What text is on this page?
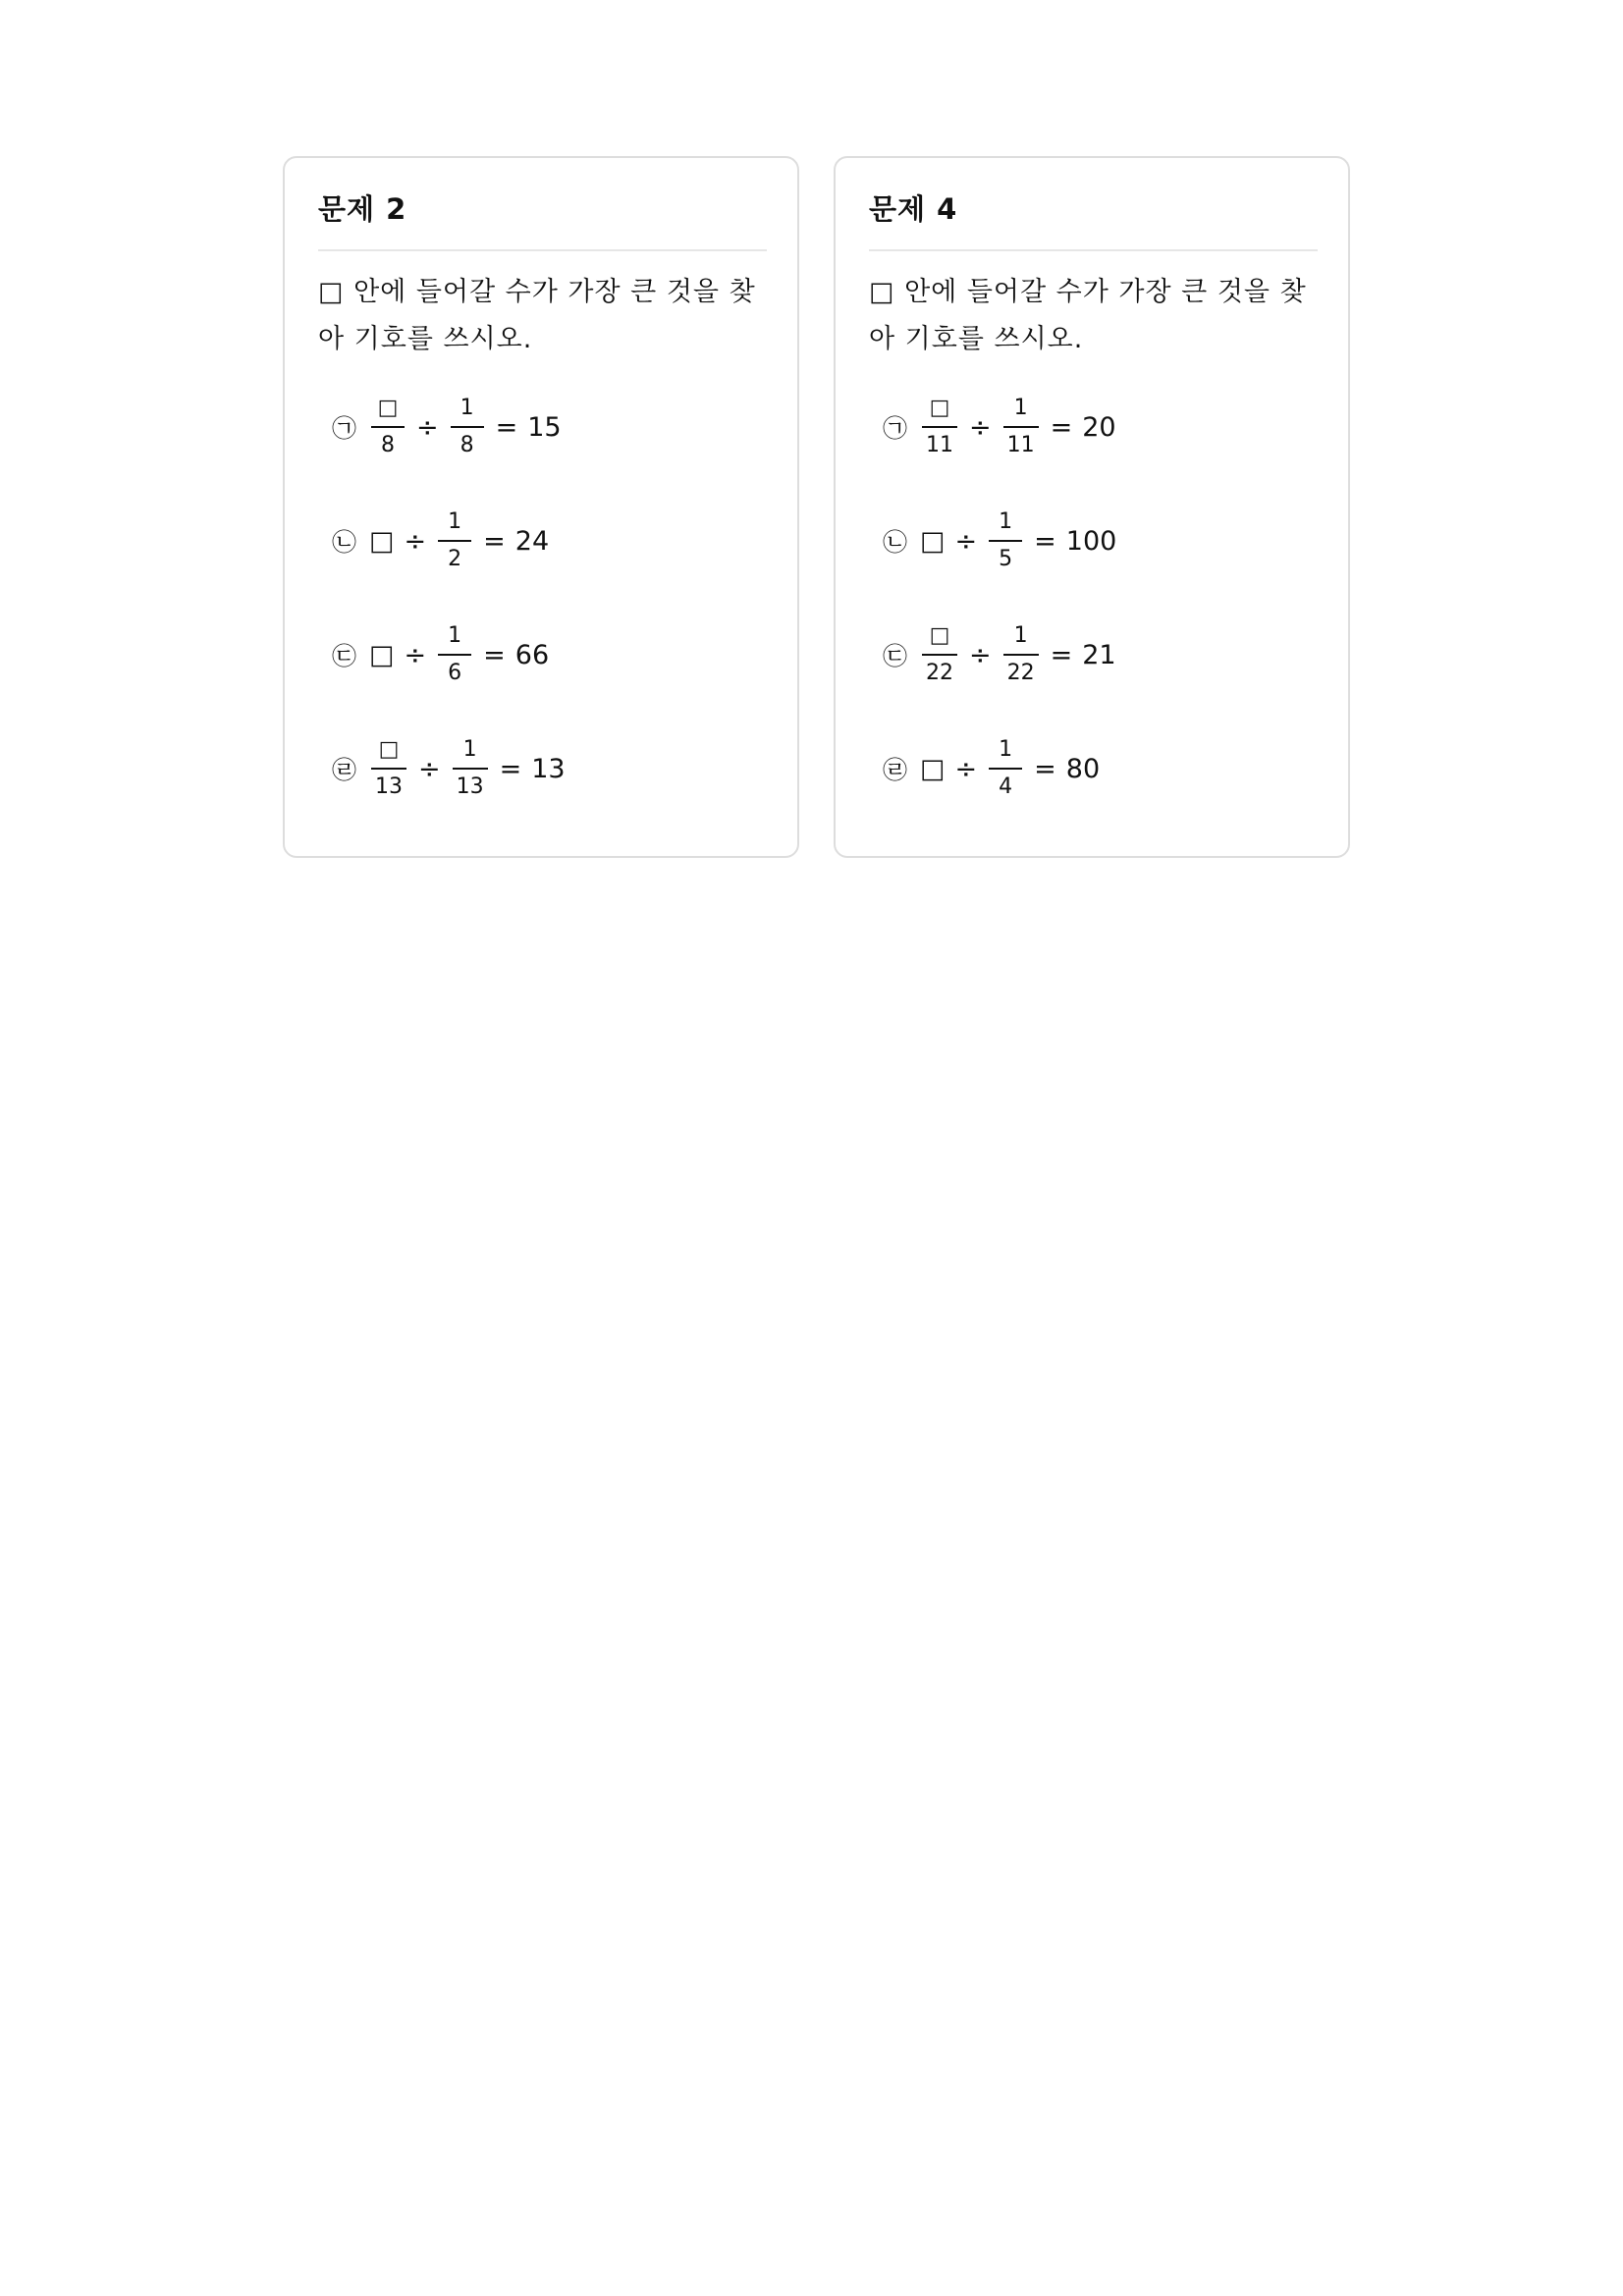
문제 2
□ 안에 들어갈 수가 가장 큰 것을 찾아 기호를 쓰시오.
㉠ $\frac{□}{8} \div \frac{1}{8} = 15$
㉡ □ ÷ $\frac{1}{2} = 24$
㉢ □ ÷ $\frac{1}{6} = 66$
㉣ $\frac{□}{13} \div \frac{1}{13} = 13$
문제 4
□ 안에 들어갈 수가 가장 큰 것을 찾아 기호를 쓰시오.
㉠ $\frac{□}{11} \div \frac{1}{11} = 20$
㉡ □ ÷ $\frac{1}{5} = 100$
㉢ $\frac{□}{22} \div \frac{1}{22} = 21$
㉣ □ ÷ $\frac{1}{4} = 80$
